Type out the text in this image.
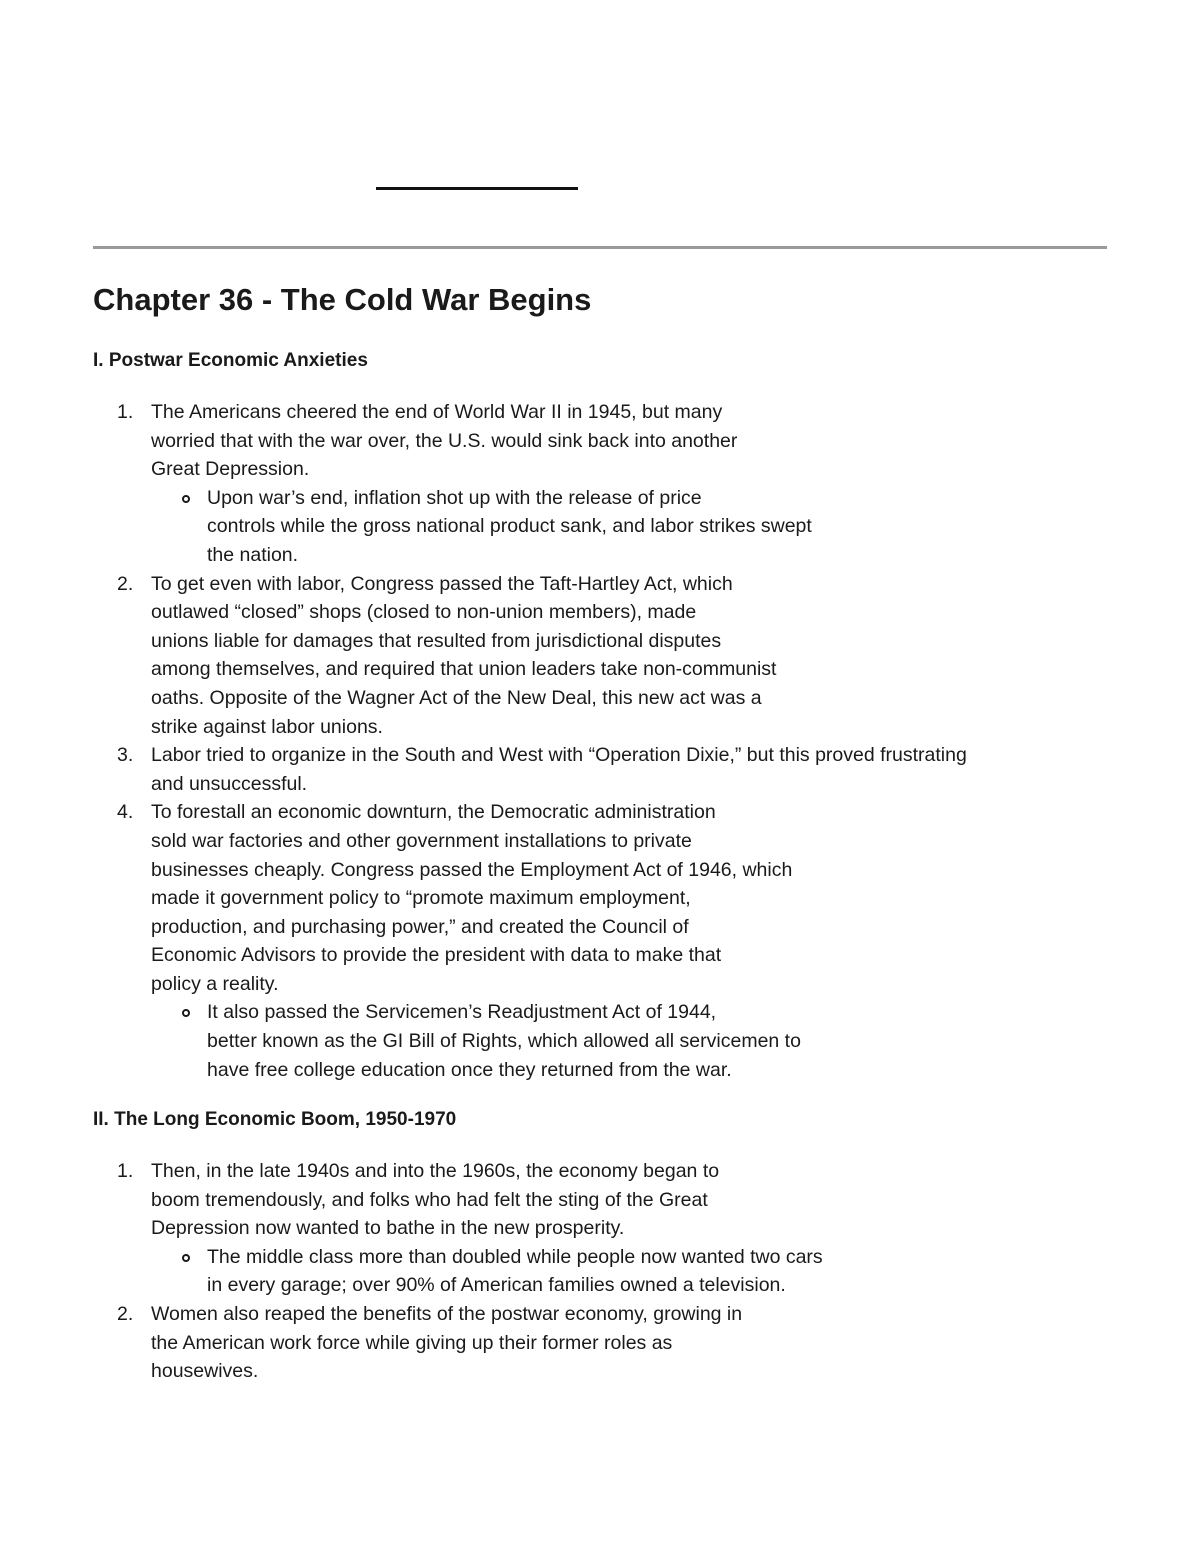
Chapter 36 - The Cold War Begins
I. Postwar Economic Anxieties
1. The Americans cheered the end of World War II in 1945, but many
worried that with the war over, the U.S. would sink back into another
Great Depression.
Upon war’s end, inflation shot up with the release of price
controls while the gross national product sank, and labor strikes swept
the nation.
2. To get even with labor, Congress passed the Taft-Hartley Act, which
outlawed “closed” shops (closed to non-union members), made
unions liable for damages that resulted from jurisdictional disputes
among themselves, and required that union leaders take non-communist
oaths. Opposite of the Wagner Act of the New Deal, this new act was a
strike against labor unions.
3. Labor tried to organize in the South and West with “Operation Dixie,” but this proved frustrating
and unsuccessful.
4. To forestall an economic downturn, the Democratic administration
sold war factories and other government installations to private
businesses cheaply. Congress passed the Employment Act of 1946, which
made it government policy to “promote maximum employment,
production, and purchasing power,” and created the Council of
Economic Advisors to provide the president with data to make that
policy a reality.
It also passed the Servicemen’s Readjustment Act of 1944,
better known as the GI Bill of Rights, which allowed all servicemen to
have free college education once they returned from the war.
II. The Long Economic Boom, 1950-1970
1. Then, in the late 1940s and into the 1960s, the economy began to
boom tremendously, and folks who had felt the sting of the Great
Depression now wanted to bathe in the new prosperity.
The middle class more than doubled while people now wanted two cars
in every garage; over 90% of American families owned a television.
2. Women also reaped the benefits of the postwar economy, growing in
the American work force while giving up their former roles as
housewives.
